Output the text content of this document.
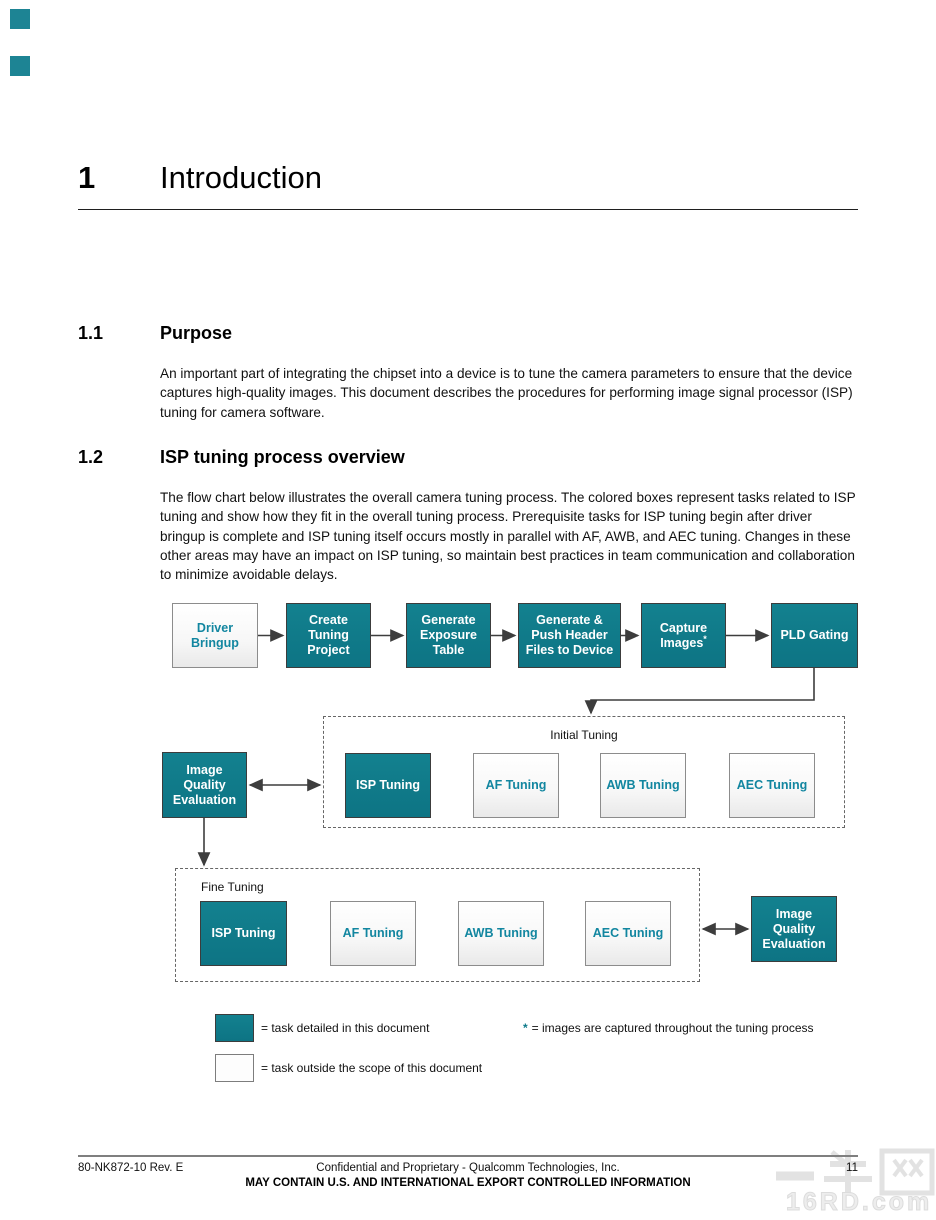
1 Introduction
1.1	Purpose
An important part of integrating the chipset into a device is to tune the camera parameters to ensure that the device captures high-quality images. This document describes the procedures for performing image signal processor (ISP) tuning for camera software.
1.2	ISP tuning process overview
The flow chart below illustrates the overall camera tuning process. The colored boxes represent tasks related to ISP tuning and show how they fit in the overall tuning process. Prerequisite tasks for ISP tuning begin after driver bringup is complete and ISP tuning itself occurs mostly in parallel with AF, AWB, and AEC tuning. Changes in these other areas may have an impact on ISP tuning, so maintain best practices in team communication and collaboration to minimize avoidable delays.
Driver Bringup
Create Tuning Project
Generate Exposure Table
Generate & Push Header Files to Device
Capture Images*	PLD Gating
Initial Tuning
Image Quality Evaluation
ISP Tuning	AF Tuning	AWB Tuning	AEC Tuning
Fine Tuning
ISP Tuning	AF Tuning	AWB Tuning	AEC Tuning
Image Quality Evaluation
= task detailed in this document	* = images are captured throughout the tuning process
= task outside the scope of this document
16RD.com
80-NK872-10 Rev. E	Confidential and Proprietary - Qualcomm Technologies, Inc.
MAY CONTAIN U.S. AND INTERNATIONAL EXPORT CONTROLLED INFORMATION
11
